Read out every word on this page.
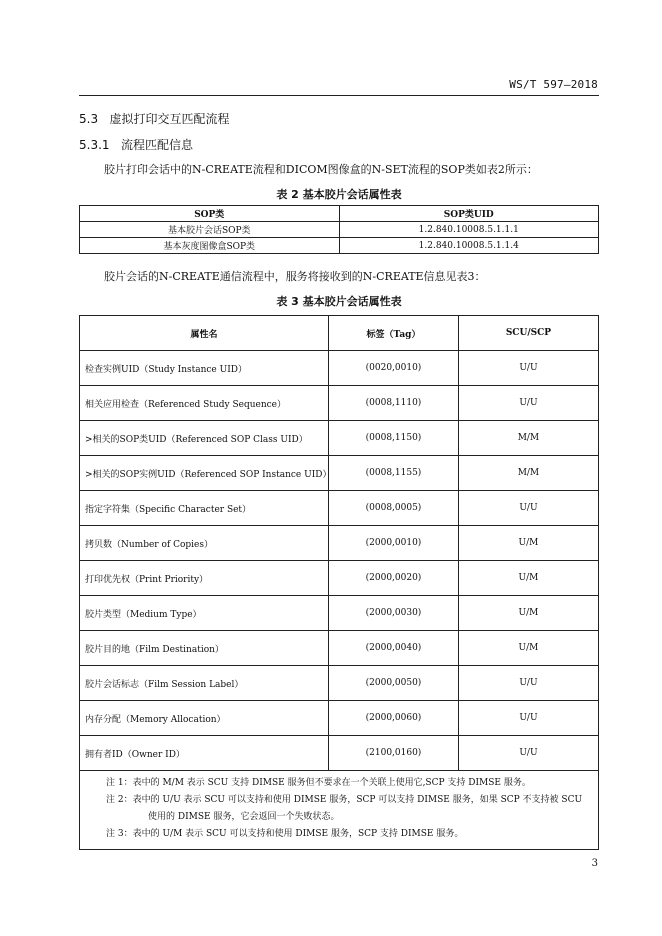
WS/T 597—2018
5.3 虚拟打印交互匹配流程
5.3.1 流程匹配信息
胶片打印会话中的N-CREATE流程和DICOM图像盒的N-SET流程的SOP类如表2所示：
表 2 基本胶片会话属性表
SOP类	SOP类UID
基本胶片会话SOP类	1.2.840.10008.5.1.1.1
基本灰度图像盒SOP类	1.2.840.10008.5.1.1.4
胶片会话的N-CREATE通信流程中，服务将接收到的N-CREATE信息见表3：
表 3 基本胶片会话属性表
属性名	标签（Tag）	SCU/SCP
检查实例UID（Study Instance UID）	(0020,0010)	U/U
相关应用检查（Referenced Study Sequence）	(0008,1110)	U/U
>相关的SOP类UID（Referenced SOP Class UID）	(0008,1150)	M/M
>相关的SOP实例UID（Referenced SOP Instance UID）	(0008,1155)	M/M
指定字符集（Specific Character Set）	(0008,0005)	U/U
拷贝数（Number of Copies）	(2000,0010)	U/M
打印优先权（Print Priority）	(2000,0020)	U/M
胶片类型（Medium Type）	(2000,0030)	U/M
胶片目的地（Film Destination）	(2000,0040)	U/M
胶片会话标志（Film Session Label）	(2000,0050)	U/U
内存分配（Memory Allocation）	(2000,0060)	U/U
拥有者ID（Owner ID）	(2100,0160)	U/U

注 1：表中的 M/M 表示 SCU 支持 DIMSE 服务但不要求在一个关联上使用它,SCP 支持 DIMSE 服务。
注 2：表中的 U/U 表示 SCU 可以支持和使用 DIMSE 服务，SCP 可以支持 DIMSE 服务，如果 SCP 不支持被 SCU
使用的 DIMSE 服务，它会返回一个失败状态。
注 3：表中的 U/M 表示 SCU 可以支持和使用 DIMSE 服务，SCP 支持 DIMSE 服务。		
3
